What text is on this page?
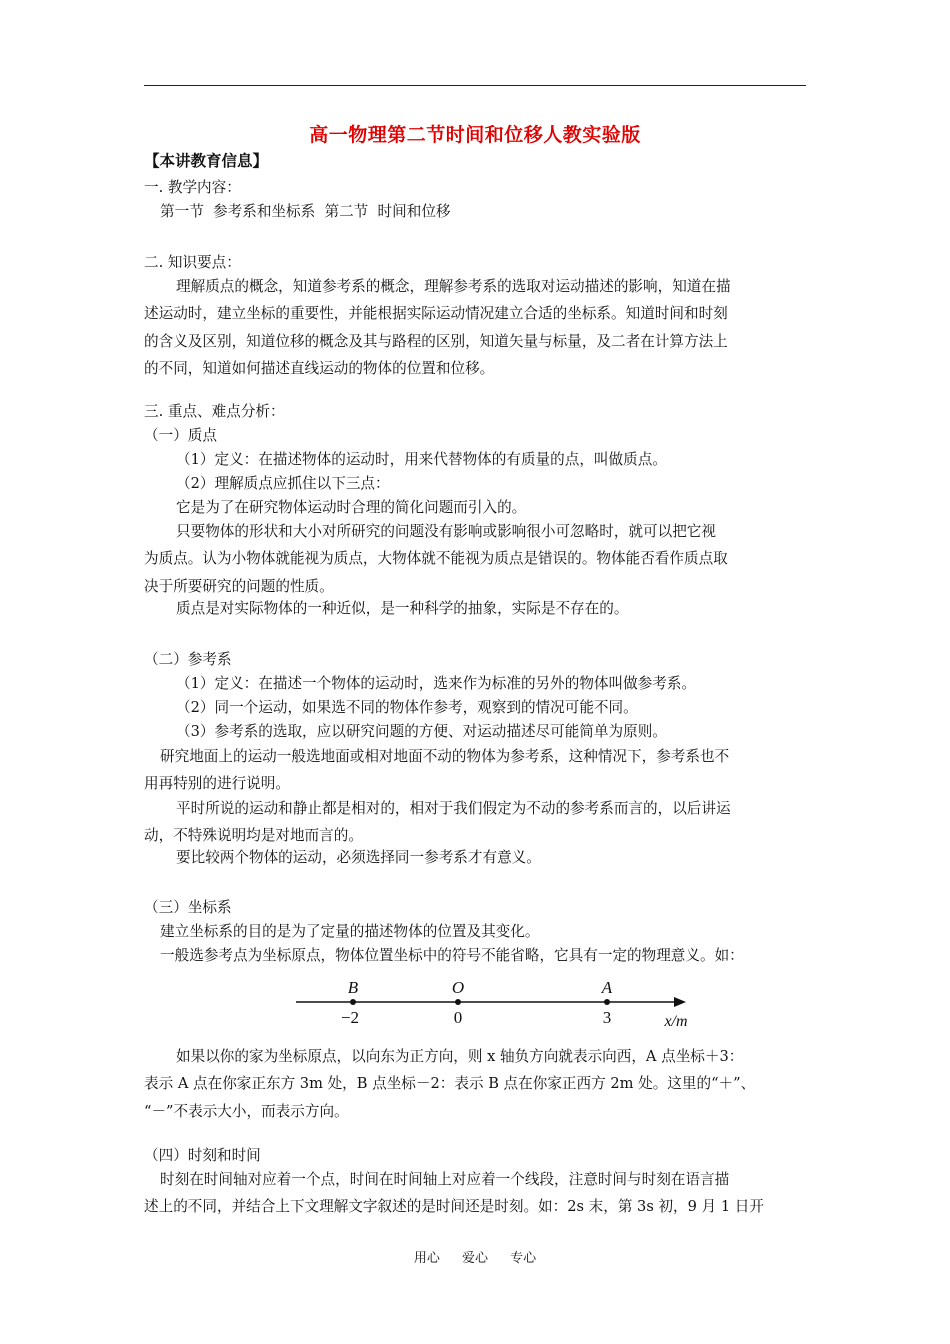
高一物理第二节时间和位移人教实验版
【本讲教育信息】
一. 教学内容：
第一节  参考系和坐标系  第二节  时间和位移
二. 知识要点：
理解质点的概念，知道参考系的概念，理解参考系的选取对运动描述的影响，知道在描
述运动时，建立坐标的重要性，并能根据实际运动情况建立合适的坐标系。知道时间和时刻
的含义及区别，知道位移的概念及其与路程的区别，知道矢量与标量，及二者在计算方法上
的不同，知道如何描述直线运动的物体的位置和位移。
三. 重点、难点分析：
（一）质点
（1）定义：在描述物体的运动时，用来代替物体的有质量的点，叫做质点。
（2）理解质点应抓住以下三点：
它是为了在研究物体运动时合理的简化问题而引入的。
只要物体的形状和大小对所研究的问题没有影响或影响很小可忽略时，就可以把它视
为质点。认为小物体就能视为质点，大物体就不能视为质点是错误的。物体能否看作质点取
决于所要研究的问题的性质。
质点是对实际物体的一种近似，是一种科学的抽象，实际是不存在的。
（二）参考系
（1）定义：在描述一个物体的运动时，选来作为标准的另外的物体叫做参考系。
（2）同一个运动，如果选不同的物体作参考，观察到的情况可能不同。
（3）参考系的选取，应以研究问题的方便、对运动描述尽可能简单为原则。
研究地面上的运动一般选地面或相对地面不动的物体为参考系，这种情况下，参考系也不
用再特别的进行说明。
平时所说的运动和静止都是相对的，相对于我们假定为不动的参考系而言的，以后讲运
动，不特殊说明均是对地而言的。
要比较两个物体的运动，必须选择同一参考系才有意义。
（三）坐标系
建立坐标系的目的是为了定量的描述物体的位置及其变化。
一般选参考点为坐标原点，物体位置坐标中的符号不能省略，它具有一定的物理意义。如：
B	O	A
−2	0	3	x/m
如果以你的家为坐标原点，以向东为正方向，则 x 轴负方向就表示向西，A 点坐标＋3：
表示 A 点在你家正东方 3m 处，B 点坐标－2：表示 B 点在你家正西方 2m 处。这里的“＋”、
“－”不表示大小，而表示方向。
（四）时刻和时间
时刻在时间轴对应着一个点，时间在时间轴上对应着一个线段，注意时间与时刻在语言描
述上的不同，并结合上下文理解文字叙述的是时间还是时刻。如：2s 末，第 3s 初，9 月 1 日开
用心 爱心 专心
